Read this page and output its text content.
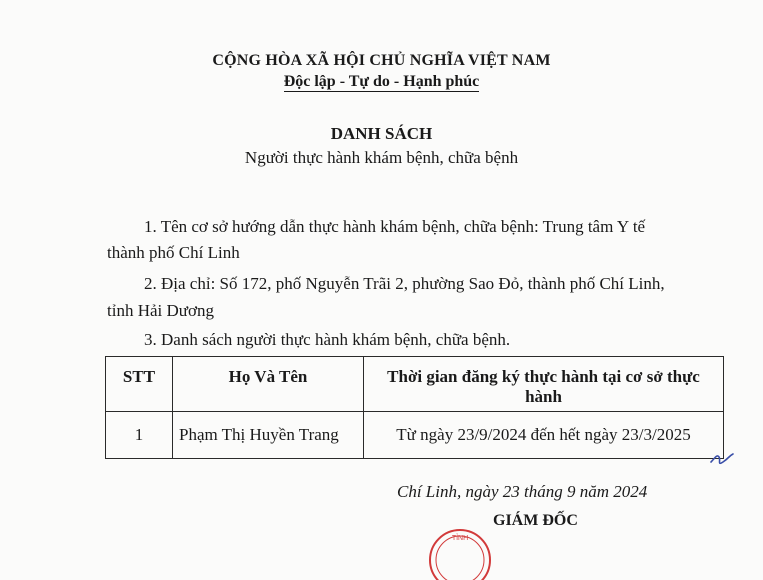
CỘNG HÒA XÃ HỘI CHỦ NGHĨA VIỆT NAM
Độc lập - Tự do - Hạnh phúc
DANH SÁCH
Người thực hành khám bệnh, chữa bệnh
1. Tên cơ sở hướng dẫn thực hành khám bệnh, chữa bệnh: Trung tâm Y tế
thành phố Chí Linh
2. Địa chỉ: Số 172, phố Nguyễn Trãi 2, phường Sao Đỏ, thành phố Chí Linh,
tỉnh Hải Dương
3. Danh sách người thực hành khám bệnh, chữa bệnh.
STT	Họ Và Tên	Thời gian đăng ký thực hành tại cơ sở thực hành
1	Phạm Thị Huyền Trang	Từ ngày 23/9/2024 đến hết ngày 23/3/2025
Chí Linh, ngày 23 tháng 9 năm 2024
TỈNH
GIÁM ĐỐC
